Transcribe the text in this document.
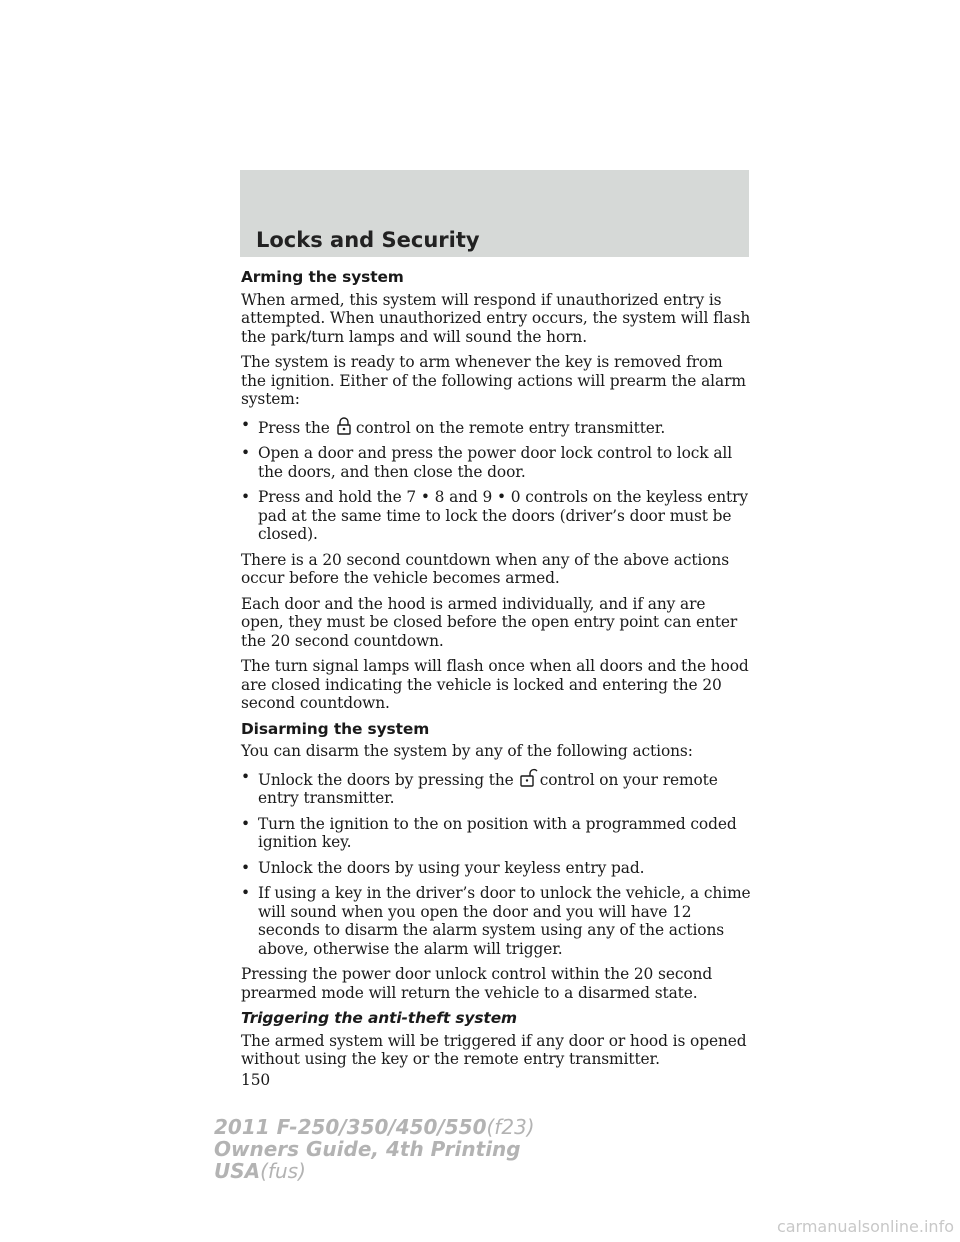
Locks and Security
Arming the system

When armed, this system will respond if unauthorized entry is attempted. When unauthorized entry occurs, the system will flash the park/turn lamps and will sound the horn.

The system is ready to arm whenever the key is removed from the ignition. Either of the following actions will prearm the alarm system:

• Press the control on the remote entry transmitter.
• Open a door and press the power door lock control to lock all the doors, and then close the door.
• Press and hold the 7 • 8 and 9 • 0 controls on the keyless entry pad at the same time to lock the doors (driver’s door must be closed).

There is a 20 second countdown when any of the above actions occur before the vehicle becomes armed.

Each door and the hood is armed individually, and if any are open, they must be closed before the open entry point can enter the 20 second countdown.

The turn signal lamps will flash once when all doors and the hood are closed indicating the vehicle is locked and entering the 20 second countdown.

Disarming the system

You can disarm the system by any of the following actions:

• Unlock the doors by pressing the control on your remote entry transmitter.
• Turn the ignition to the on position with a programmed coded ignition key.
• Unlock the doors by using your keyless entry pad.
• If using a key in the driver’s door to unlock the vehicle, a chime will sound when you open the door and you will have 12 seconds to disarm the alarm system using any of the actions above, otherwise the alarm will trigger.

Pressing the power door unlock control within the 20 second prearmed mode will return the vehicle to a disarmed state.

Triggering the anti-theft system

The armed system will be triggered if any door or hood is opened without using the key or the remote entry transmitter.

150

2011 F-250/350/450/550(f23)
Owners Guide, 4th Printing
USA(fus)
carmanualsonline.info
